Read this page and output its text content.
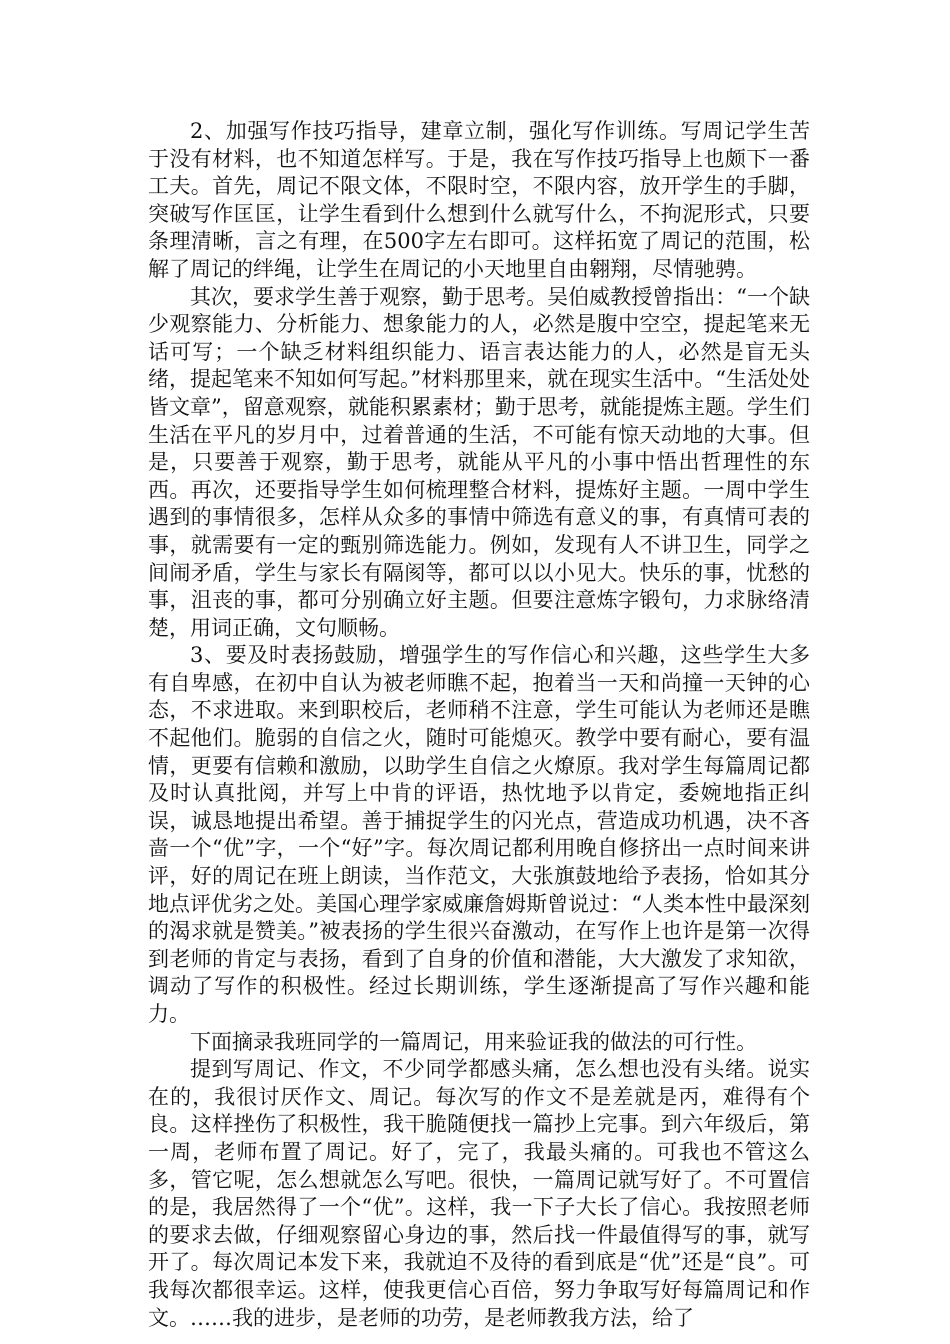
2、加强写作技巧指导，建章立制，强化写作训练。写周记学生苦于没有材料，也不知道怎样写。于是，我在写作技巧指导上也颇下一番工夫。首先，周记不限文体，不限时空，不限内容，放开学生的手脚，突破写作匡匡，让学生看到什么想到什么就写什么，不拘泥形式，只要条理清晰，言之有理，在500字左右即可。这样拓宽了周记的范围，松解了周记的绊绳，让学生在周记的小天地里自由翱翔，尽情驰骋。

其次，要求学生善于观察，勤于思考。吴伯威教授曾指出：“一个缺少观察能力、分析能力、想象能力的人，必然是腹中空空，提起笔来无话可写；一个缺乏材料组织能力、语言表达能力的人，必然是盲无头绪，提起笔来不知如何写起。”材料那里来，就在现实生活中。“生活处处皆文章”，留意观察，就能积累素材；勤于思考，就能提炼主题。学生们生活在平凡的岁月中，过着普通的生活，不可能有惊天动地的大事。但是，只要善于观察，勤于思考，就能从平凡的小事中悟出哲理性的东西。再次，还要指导学生如何梳理整合材料，提炼好主题。一周中学生遇到的事情很多，怎样从众多的事情中筛选有意义的事，有真情可表的事，就需要有一定的甄别筛选能力。例如，发现有人不讲卫生，同学之间闹矛盾，学生与家长有隔阂等，都可以以小见大。快乐的事，忧愁的事，沮丧的事，都可分别确立好主题。但要注意炼字锻句，力求脉络清楚，用词正确，文句顺畅。

3、要及时表扬鼓励，增强学生的写作信心和兴趣，这些学生大多有自卑感，在初中自认为被老师瞧不起，抱着当一天和尚撞一天钟的心态，不求进取。来到职校后，老师稍不注意，学生可能认为老师还是瞧不起他们。脆弱的自信之火，随时可能熄灭。教学中要有耐心，要有温情，更要有信赖和激励，以助学生自信之火燎原。我对学生每篇周记都及时认真批阅，并写上中肯的评语，热忱地予以肯定，委婉地指正纠误，诚恳地提出希望。善于捕捉学生的闪光点，营造成功机遇，决不吝啬一个“优”字，一个“好”字。每次周记都利用晚自修挤出一点时间来讲评，好的周记在班上朗读，当作范文，大张旗鼓地给予表扬，恰如其分地点评优劣之处。美国心理学家威廉詹姆斯曾说过：“人类本性中最深刻的渴求就是赞美。”被表扬的学生很兴奋激动，在写作上也许是第一次得到老师的肯定与表扬，看到了自身的价值和潜能，大大激发了求知欲，调动了写作的积极性。经过长期训练，学生逐渐提高了写作兴趣和能力。

下面摘录我班同学的一篇周记，用来验证我的做法的可行性。

提到写周记、作文，不少同学都感头痛，怎么想也没有头绪。说实在的，我很讨厌作文、周记。每次写的作文不是差就是丙，难得有个良。这样挫伤了积极性，我干脆随便找一篇抄上完事。到六年级后，第一周，老师布置了周记。好了，完了，我最头痛的。可我也不管这么多，管它呢，怎么想就怎么写吧。很快，一篇周记就写好了。不可置信的是，我居然得了一个“优”。这样，我一下子大长了信心。我按照老师的要求去做，仔细观察留心身边的事，然后找一件最值得写的事，就写开了。每次周记本发下来，我就迫不及待的看到底是“优”还是“良”。可我每次都很幸运。这样，使我更信心百倍，努力争取写好每篇周记和作文。……我的进步，是老师的功劳，是老师教我方法，给了
